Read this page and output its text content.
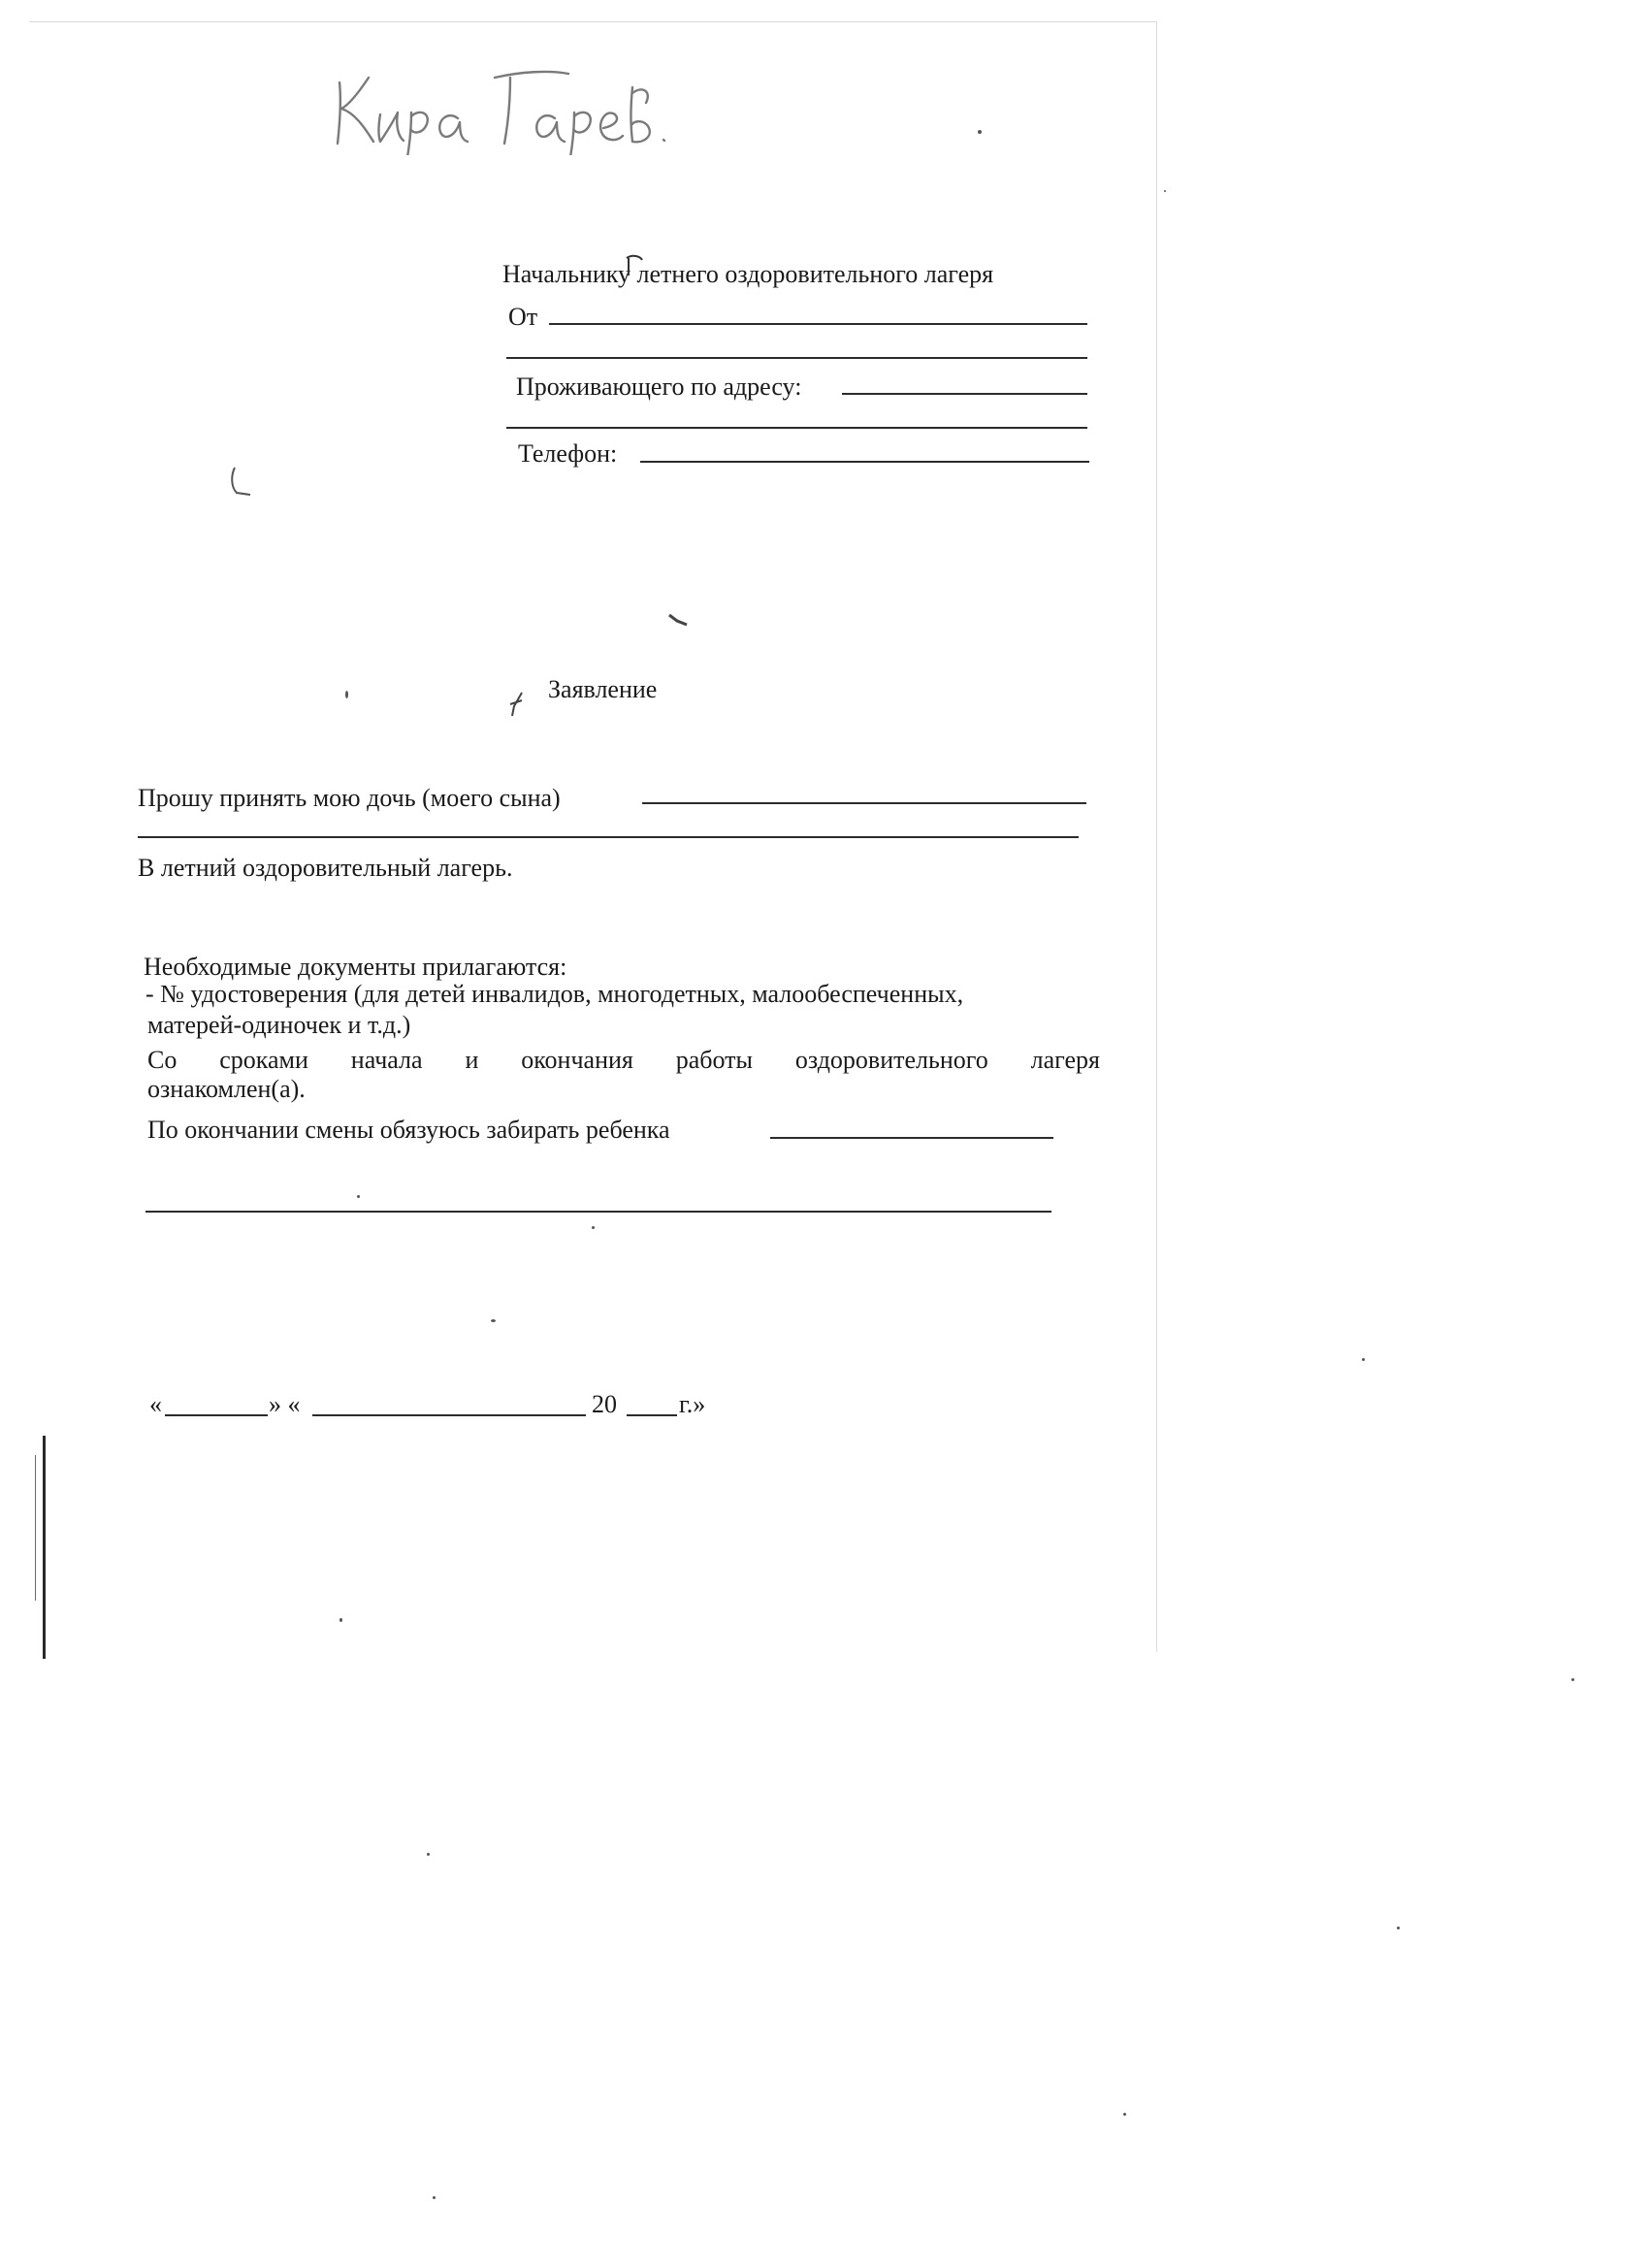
Начальнику летнего оздоровительного лагеря
От
Проживающего по адресу:
Телефон:
Заявление
Прошу принять мою дочь (моего сына)
В летний оздоровительный лагерь.
Необходимые документы прилагаются:
- № удостоверения (для детей инвалидов, многодетных, малообеспеченных,
матерей-одиночек и т.д.)
Со сроками начала и окончания работы оздоровительного лагеря
ознакомлен(а).
По окончании смены обязуюсь забирать ребенка
«	» «	20 г.»
